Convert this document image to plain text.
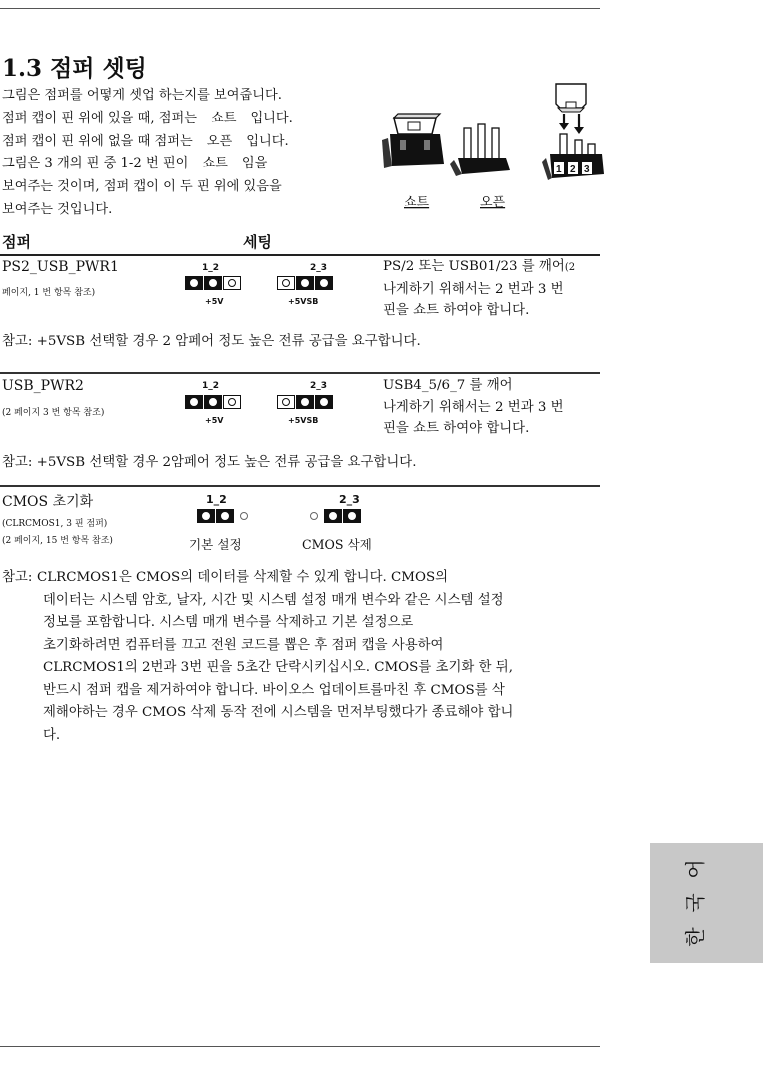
1.3 점퍼 셋팅
그림은 점퍼를 어떻게 셋업 하는지를 보여줍니다.
점퍼 캡이 핀 위에 있을 때, 점퍼는 쇼트 입니다.
점퍼 캡이 핀 위에 없을 때 점퍼는 오픈 입니다.
그림은 3 개의 핀 중 1-2 번 핀이 쇼트 임을
보여주는 것이며, 점퍼 캡이 이 두 핀 위에 있음을
보여주는 것입니다.
1 2 3
쇼트	오픈
점퍼	세팅
PS2_USB_PWR1
페이지, 1 번 항목 참조)
1_2
+5V
2_3
+5VSB
PS/2 또는 USB01/23 를 깨어(2
나게하기 위해서는 2 번과 3 번
핀을 쇼트 하여야 합니다.
참고: +5VSB 선택할 경우 2 암페어 정도 높은 전류 공급을 요구합니다.
USB_PWR2
(2 페이지 3 번 항목 참조)
1_2
+5V
2_3
+5VSB
USB4_5/6_7 를 깨어
나게하기 위해서는 2 번과 3 번
핀을 쇼트 하여야 합니다.
참고: +5VSB 선택할 경우 2암페어 정도 높은 전류 공급을 요구합니다.
CMOS 초기화
(CLRCMOS1, 3 핀 점퍼)
(2 페이지, 15 번 항목 참조)
1_2
기본 설정
2_3
CMOS 삭제
참고: CLRCMOS1은 CMOS의 데이터를 삭제할 수 있게 합니다. CMOS의
데이터는 시스템 암호, 날자, 시간 및 시스템 설정 매개 변수와 같은 시스템 설정
정보를 포함합니다. 시스템 매개 변수를 삭제하고 기본 설정으로
초기화하려면 컴퓨터를 끄고 전원 코드를 뽑은 후 점퍼 캡을 사용하여
CLRCMOS1의 2번과 3번 핀을 5초간 단락시키십시오. CMOS를 초기화 한 뒤,
반드시 점퍼 캡을 제거하여야 합니다. 바이오스 업데이트를마친 후 CMOS를 삭
제해야하는 경우 CMOS 삭제 동작 전에 시스템을 먼저부팅했다가 종료해야 합니
다.
어
국
한
